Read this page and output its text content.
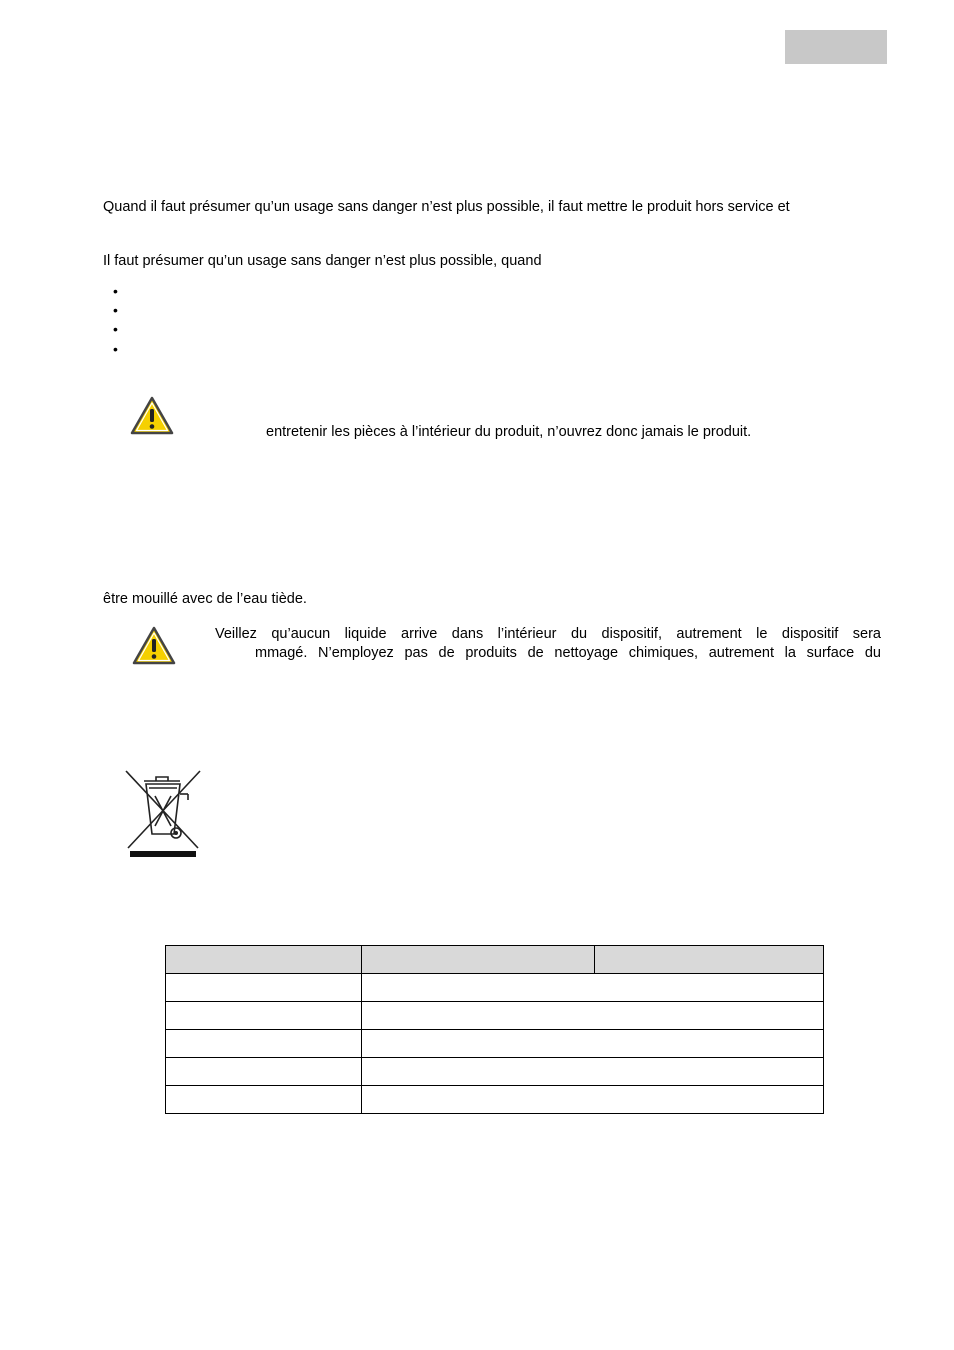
Quand il faut présumer qu’un usage sans danger n’est plus possible, il faut mettre le produit hors service et
Il faut présumer qu’un usage sans danger n’est plus possible, quand
•
•
•
•
entretenir les pièces à l’intérieur du produit, n’ouvrez donc jamais le produit.
être mouillé avec de l’eau tiède.
Veillez qu’aucun liquide arrive dans l’intérieur du dispositif, autrement le dispositif sera
mmagé. N’employez pas de produits de nettoyage chimiques, autrement la surface du
